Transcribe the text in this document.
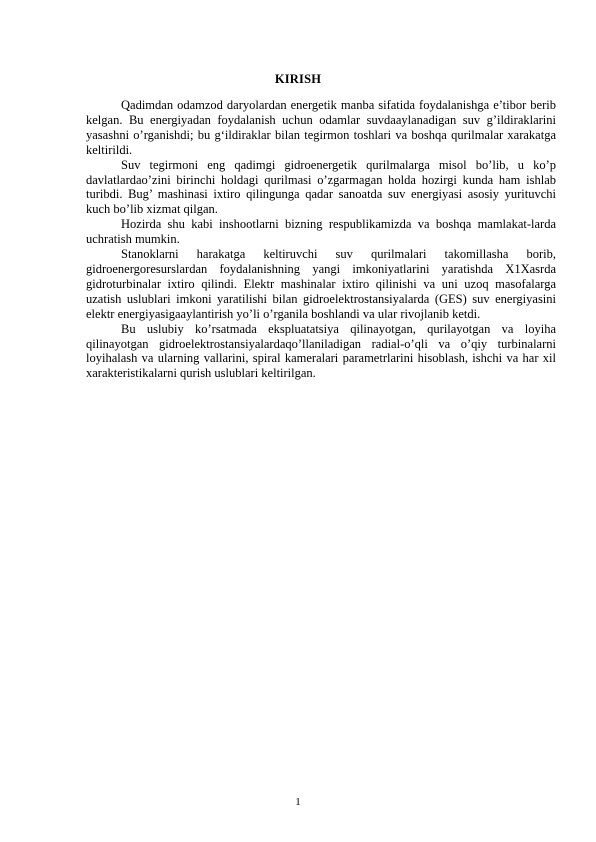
KIRISH

Qadimdan odamzod daryolardan energetik manba sifatida foydalanishga e’tibor berib kelgan. Bu energiyadan foydalanish uchun odamlar suvdaaylanadigan suv g’ildiraklarini yasashni o’rganishdi; bu g‘ildiraklar bilan tegirmon toshlari va boshqa qurilmalar xarakatga keltirildi.

Suv tegirmoni eng qadimgi gidroenergetik qurilmalarga misol bo’lib, u ko’p davlatlardao’zini birinchi holdagi qurilmasi o’zgarmagan holda hozirgi kunda ham ishlab turibdi. Bug’ mashinasi ixtiro qilingunga qadar sanoatda suv energiyasi asosiy yurituvchi kuch bo’lib xizmat qilgan.

Hozirda shu kabi inshootlarni bizning respublikamizda va boshqa mamlakat-larda uchratish mumkin.

Stanoklarni harakatga keltiruvchi suv qurilmalari takomillasha borib, gidroenergoresurslardan foydalanishning yangi imkoniyatlarini yaratishda X1Xasrda gidroturbinalar ixtiro qilindi. Elektr mashinalar ixtiro qilinishi va uni uzoq masofalarga uzatish uslublari imkoni yaratilishi bilan gidroelektrostansiyalarda (GES) suv energiyasini elektr energiyasigaaylantirish yo’li o’rganila boshlandi va ular rivojlanib ketdi.

Bu uslubiy ko’rsatmada ekspluatatsiya qilinayotgan, qurilayotgan va loyiha qilinayotgan gidroelektrostansiyalardaqo’llaniladigan radial-o’qli va o’qiy turbinalarni loyihalash va ularning vallarini, spiral kameralari parametrlarini hisoblash, ishchi va har xil xarakteristikalarni qurish uslublari keltirilgan.

1
